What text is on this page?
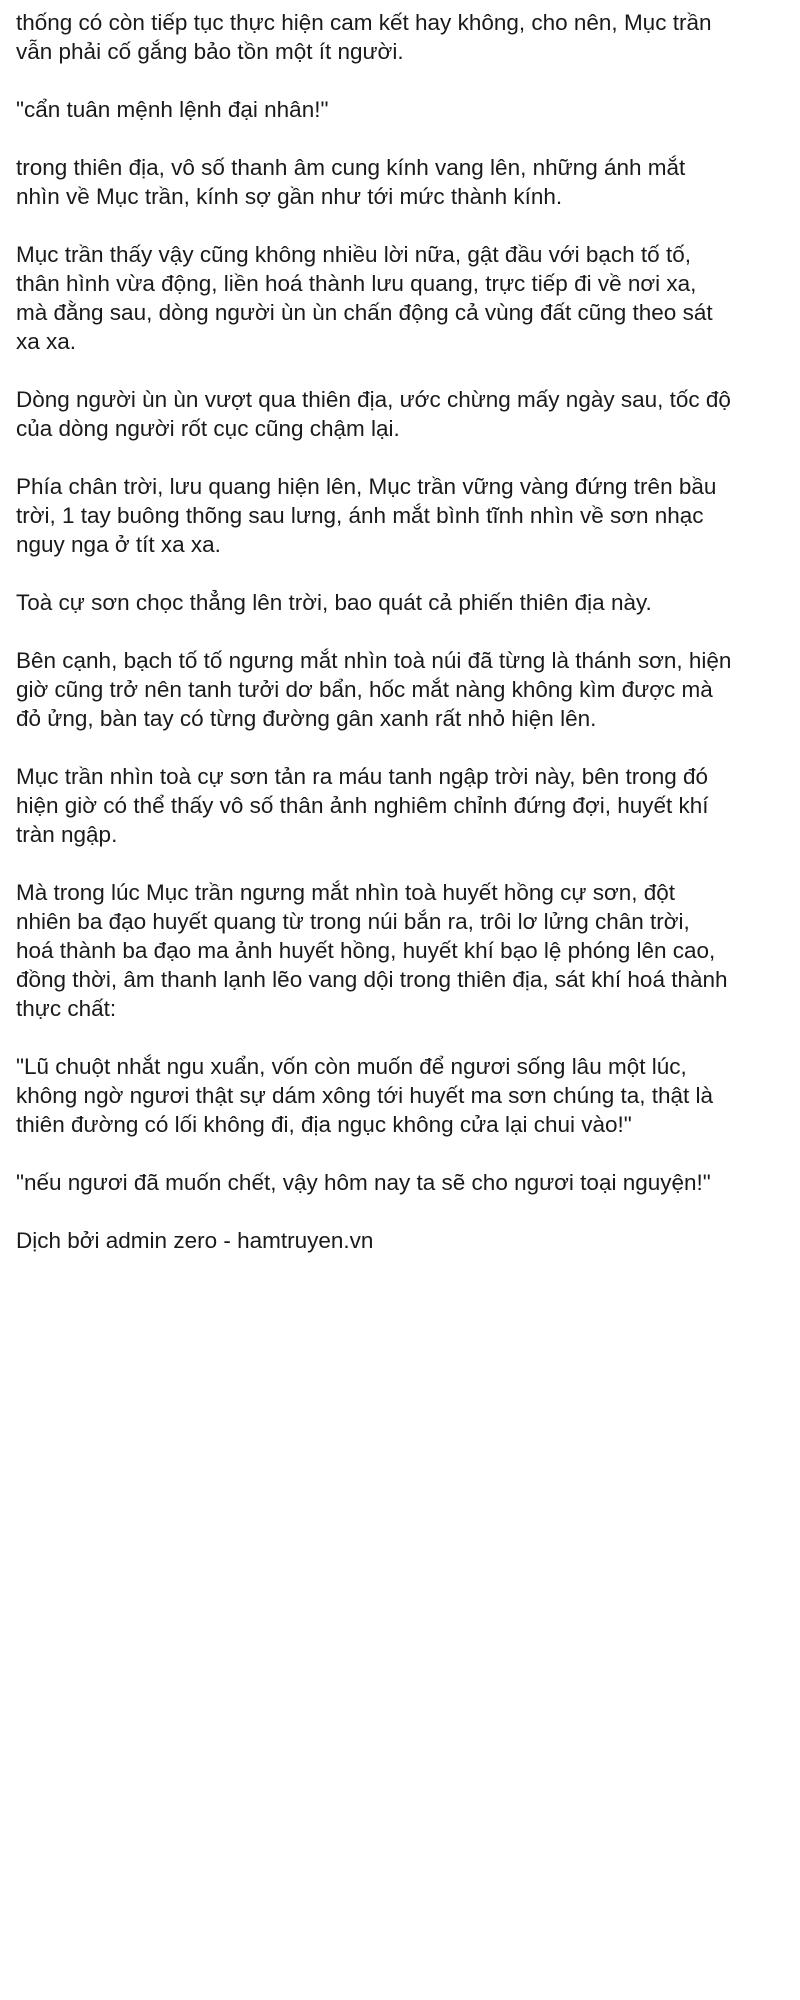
thống có còn tiếp tục thực hiện cam kết hay không, cho nên, Mục trần
vẫn phải cố gắng bảo tồn một ít người.

"cẩn tuân mệnh lệnh đại nhân!"

trong thiên địa, vô số thanh âm cung kính vang lên, những ánh mắt
nhìn về Mục trần, kính sợ gần như tới mức thành kính.

Mục trần thấy vậy cũng không nhiều lời nữa, gật đầu với bạch tố tố,
thân hình vừa động, liền hoá thành lưu quang, trực tiếp đi về nơi xa,
mà đằng sau, dòng người ùn ùn chấn động cả vùng đất cũng theo sát
xa xa.

Dòng người ùn ùn vượt qua thiên địa, ước chừng mấy ngày sau, tốc độ
của dòng người rốt cục cũng chậm lại.

Phía chân trời, lưu quang hiện lên, Mục trần vững vàng đứng trên bầu
trời, 1 tay buông thõng sau lưng, ánh mắt bình tĩnh nhìn về sơn nhạc
nguy nga ở tít xa xa.

Toà cự sơn chọc thẳng lên trời, bao quát cả phiến thiên địa này.

Bên cạnh, bạch tố tố ngưng mắt nhìn toà núi đã từng là thánh sơn, hiện
giờ cũng trở nên tanh tưởi dơ bẩn, hốc mắt nàng không kìm được mà
đỏ ửng, bàn tay có từng đường gân xanh rất nhỏ hiện lên.

Mục trần nhìn toà cự sơn tản ra máu tanh ngập trời này, bên trong đó
hiện giờ có thể thấy vô số thân ảnh nghiêm chỉnh đứng đợi, huyết khí
tràn ngập.

Mà trong lúc Mục trần ngưng mắt nhìn toà huyết hồng cự sơn, đột
nhiên ba đạo huyết quang từ trong núi bắn ra, trôi lơ lửng chân trời,
hoá thành ba đạo ma ảnh huyết hồng, huyết khí bạo lệ phóng lên cao,
đồng thời, âm thanh lạnh lẽo vang dội trong thiên địa, sát khí hoá thành
thực chất:

"Lũ chuột nhắt ngu xuẩn, vốn còn muốn để ngươi sống lâu một lúc,
không ngờ ngươi thật sự dám xông tới huyết ma sơn chúng ta, thật là
thiên đường có lối không đi, địa ngục không cửa lại chui vào!"

"nếu ngươi đã muốn chết, vậy hôm nay ta sẽ cho ngươi toại nguyện!"

Dịch bởi admin zero - hamtruyen.vn
